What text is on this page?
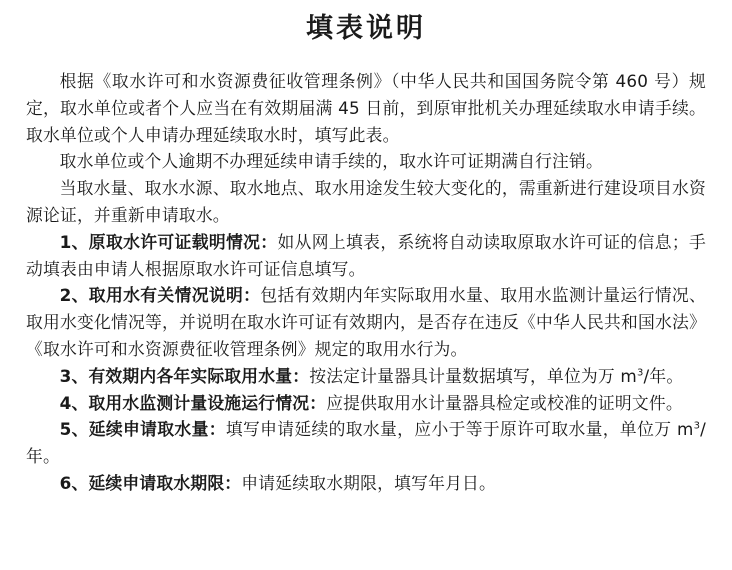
填表说明

根据《取水许可和水资源费征收管理条例》（中华人民共和国国务院令第 460 号）规定，取水单位或者个人应当在有效期届满 45 日前，到原审批机关办理延续取水申请手续。取水单位或个人申请办理延续取水时，填写此表。

取水单位或个人逾期不办理延续申请手续的，取水许可证期满自行注销。

当取水量、取水水源、取水地点、取水用途发生较大变化的，需重新进行建设项目水资源论证，并重新申请取水。

1、原取水许可证载明情况：如从网上填表，系统将自动读取原取水许可证的信息；手动填表由申请人根据原取水许可证信息填写。

2、取用水有关情况说明：包括有效期内年实际取用水量、取用水监测计量运行情况、取用水变化情况等，并说明在取水许可证有效期内，是否存在违反《中华人民共和国水法》《取水许可和水资源费征收管理条例》规定的取用水行为。

3、有效期内各年实际取用水量：按法定计量器具计量数据填写，单位为万 $m^3/$年。

4、取用水监测计量设施运行情况：应提供取用水计量器具检定或校准的证明文件。

5、延续申请取水量：填写申请延续的取水量，应小于等于原许可取水量，单位万 $m^3/$年。

6、延续申请取水期限：申请延续取水期限，填写年月日。
